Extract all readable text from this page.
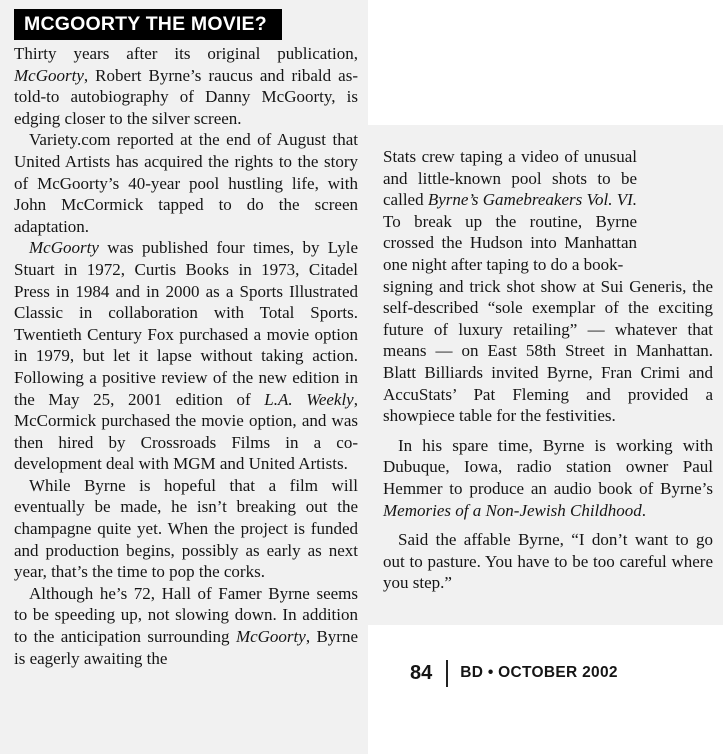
MCGOORTY THE MOVIE?

Thirty years after its original publication, McGoorty, Robert Byrne’s raucus and ribald as-told-to autobiography of Danny McGoorty, is edging closer to the silver screen.

Variety.com reported at the end of August that United Artists has acquired the rights to the story of McGoorty’s 40-year pool hustling life, with John McCormick tapped to do the screen adaptation.

McGoorty was published four times, by Lyle Stuart in 1972, Curtis Books in 1973, Citadel Press in 1984 and in 2000 as a Sports Illustrated Classic in collaboration with Total Sports. Twentieth Century Fox purchased a movie option in 1979, but let it lapse without taking action. Following a positive review of the new edition in the May 25, 2001 edition of L.A. Weekly, McCormick purchased the movie option, and was then hired by Crossroads Films in a co-development deal with MGM and United Artists.

While Byrne is hopeful that a film will eventually be made, he isn’t breaking out the champagne quite yet. When the project is funded and production begins, possibly as early as next year, that’s the time to pop the corks.

Although he’s 72, Hall of Famer Byrne seems to be speeding up, not slowing down. In addition to the anticipation surrounding McGoorty, Byrne is eagerly awaiting the

Stats crew taping a video of unusual and little-known pool shots to be called Byrne’s Gamebreakers Vol. VI. To break up the routine, Byrne crossed the Hudson into Manhattan one night after taping to do a book-

signing and trick shot show at Sui Generis, the self-described “sole exemplar of the exciting future of luxury retailing” — whatever that means — on East 58th Street in Manhattan. Blatt Billiards invited Byrne, Fran Crimi and AccuStats’ Pat Fleming and provided a showpiece table for the festivities.

In his spare time, Byrne is working with Dubuque, Iowa, radio station owner Paul Hemmer to produce an audio book of Byrne’s Memories of a Non-Jewish Childhood.

Said the affable Byrne, “I don’t want to go out to pasture. You have to be too careful where you step.”

84 BD • OCTOBER 2002
